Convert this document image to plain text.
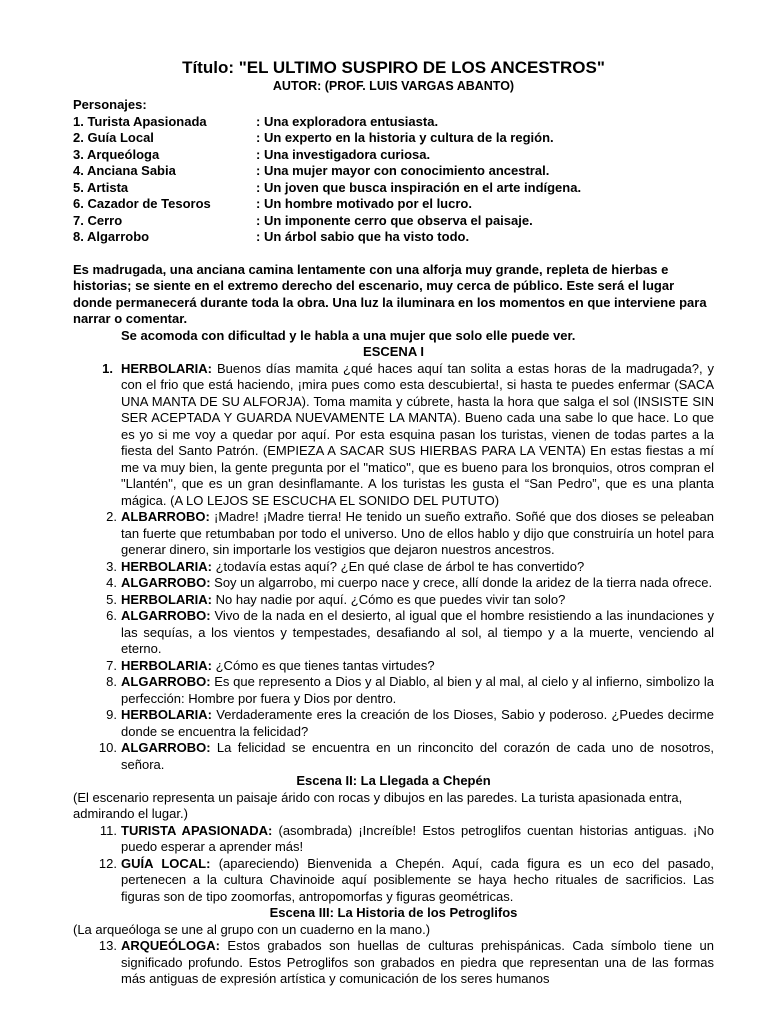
Título: "EL ULTIMO SUSPIRO DE LOS ANCESTROS"

AUTOR: (PROF. LUIS VARGAS ABANTO)

Personajes:

1. Turista Apasionada	: Una exploradora entusiasta.
2. Guía Local	: Un experto en la historia y cultura de la región.
3. Arqueóloga	: Una investigadora curiosa.
4. Anciana Sabia	: Una mujer mayor con conocimiento ancestral.
5. Artista	: Un joven que busca inspiración en el arte indígena.
6. Cazador de Tesoros	: Un hombre motivado por el lucro.
7. Cerro	: Un imponente cerro que observa el paisaje.
8. Algarrobo	: Un árbol sabio que ha visto todo.

Es madrugada, una anciana camina lentamente con una alforja muy grande, repleta de hierbas e historias; se siente en el extremo derecho del escenario, muy cerca de público. Este será el lugar donde permanecerá durante toda la obra. Una luz la iluminara en los momentos en que interviene para narrar o comentar.

Se acomoda con dificultad y le habla a una mujer que solo elle puede ver.

ESCENA I

1. HERBOLARIA: Buenos días mamita ¿qué haces aquí tan solita a estas horas de la madrugada?, y con el frio que está haciendo, ¡mira pues como esta descubierta!, si hasta te puedes enfermar (SACA UNA MANTA DE SU ALFORJA). Toma mamita y cúbrete, hasta la hora que salga el sol (INSISTE SIN SER ACEPTADA Y GUARDA NUEVAMENTE LA MANTA). Bueno cada una sabe lo que hace. Lo que es yo si me voy a quedar por aquí. Por esta esquina pasan los turistas, vienen de todas partes a la fiesta del Santo Patrón. (EMPIEZA A SACAR SUS HIERBAS PARA LA VENTA) En estas fiestas a mí me va muy bien, la gente pregunta por el "matico", que es bueno para los bronquios, otros compran el "Llantén", que es un gran desinflamante. A los turistas les gusta el “San Pedro”, que es una planta mágica. (A LO LEJOS SE ESCUCHA EL SONIDO DEL PUTUTO)
2. ALBARROBO: ¡Madre! ¡Madre tierra! He tenido un sueño extraño. Soñé que dos dioses se peleaban tan fuerte que retumbaban por todo el universo. Uno de ellos hablo y dijo que construiría un hotel para generar dinero, sin importarle los vestigios que dejaron nuestros ancestros.
3. HERBOLARIA: ¿todavía estas aquí? ¿En qué clase de árbol te has convertido?
4. ALGARROBO: Soy un algarrobo, mi cuerpo nace y crece, allí donde la aridez de la tierra nada ofrece.
5. HERBOLARIA: No hay nadie por aquí. ¿Cómo es que puedes vivir tan solo?
6. ALGARROBO: Vivo de la nada en el desierto, al igual que el hombre resistiendo a las inundaciones y las sequías, a los vientos y tempestades, desafiando al sol, al tiempo y a la muerte, venciendo al eterno.
7. HERBOLARIA: ¿Cómo es que tienes tantas virtudes?
8. ALGARROBO: Es que represento a Dios y al Diablo, al bien y al mal, al cielo y al infierno, simbolizo la perfección: Hombre por fuera y Dios por dentro.
9. HERBOLARIA: Verdaderamente eres la creación de los Dioses, Sabio y poderoso. ¿Puedes decirme donde se encuentra la felicidad?
10. ALGARROBO: La felicidad se encuentra en un rinconcito del corazón de cada uno de nosotros, señora.

Escena II: La Llegada a Chepén

(El escenario representa un paisaje árido con rocas y dibujos en las paredes. La turista apasionada entra, admirando el lugar.)

11. TURISTA APASIONADA: (asombrada) ¡Increíble! Estos petroglifos cuentan historias antiguas. ¡No puedo esperar a aprender más!
12. GUÍA LOCAL: (apareciendo) Bienvenida a Chepén. Aquí, cada figura es un eco del pasado, pertenecen a la cultura Chavinoide aquí posiblemente se haya hecho rituales de sacrificios. Las figuras son de tipo zoomorfas, antropomorfas y figuras geométricas.

Escena III: La Historia de los Petroglifos

(La arqueóloga se une al grupo con un cuaderno en la mano.)

13. ARQUEÓLOGA: Estos grabados son huellas de culturas prehispánicas. Cada símbolo tiene un significado profundo. Estos Petroglifos son grabados en piedra que representan una de las formas más antiguas de expresión artística y comunicación de los seres humanos
